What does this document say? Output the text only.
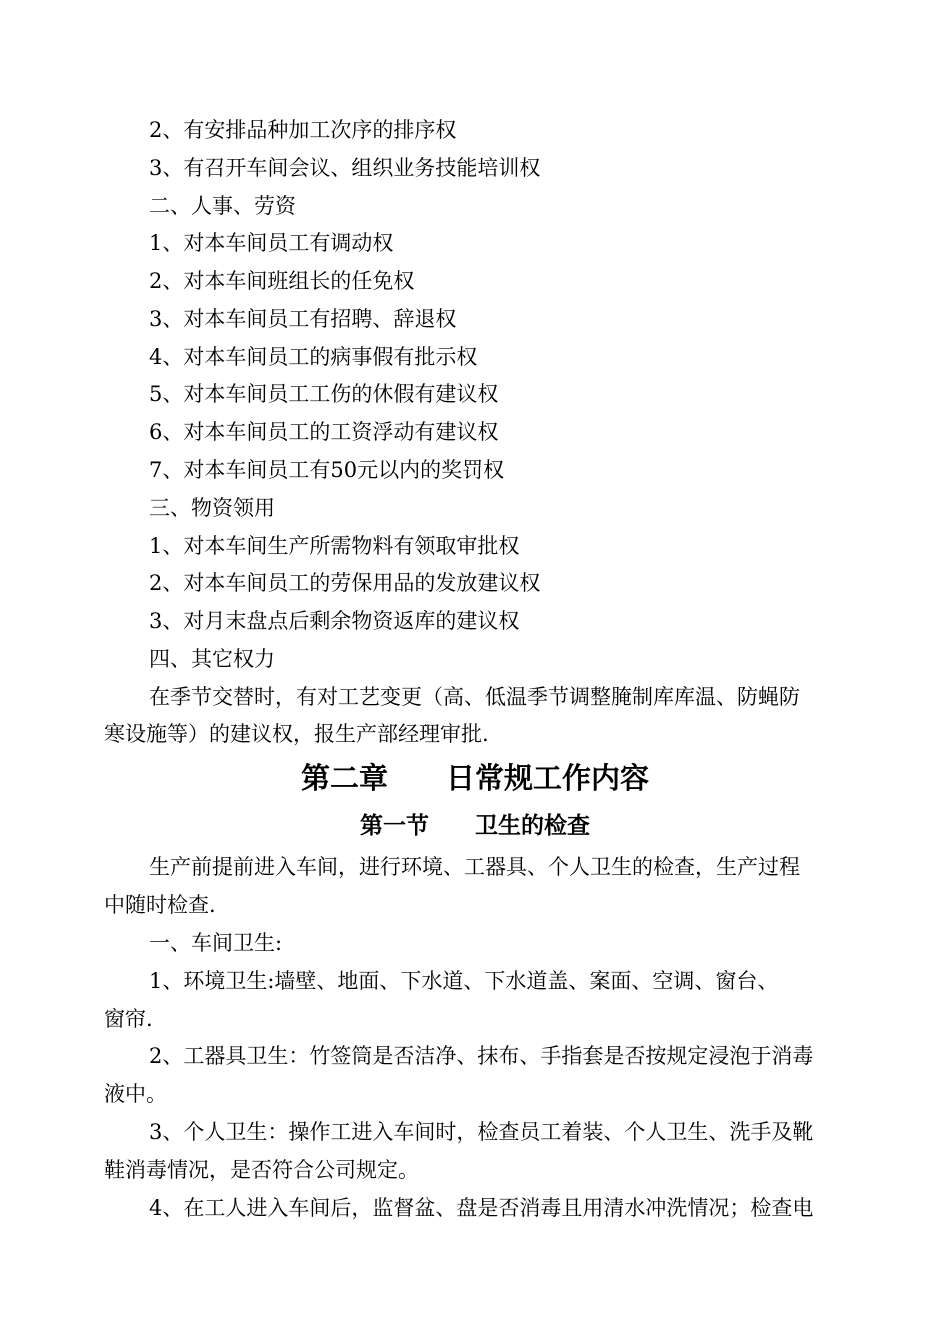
2、有安排品种加工次序的排序权
3、有召开车间会议、组织业务技能培训权
二、人事、劳资
1、对本车间员工有调动权
2、对本车间班组长的任免权
3、对本车间员工有招聘、辞退权
4、对本车间员工的病事假有批示权
5、对本车间员工工伤的休假有建议权
6、对本车间员工的工资浮动有建议权
7、对本车间员工有50元以内的奖罚权
三、物资领用
1、对本车间生产所需物料有领取审批权
2、对本车间员工的劳保用品的发放建议权
3、对月末盘点后剩余物资返库的建议权
四、其它权力
在季节交替时，有对工艺变更（高、低温季节调整腌制库库温、防蝇防
寒设施等）的建议权，报生产部经理审批.
第二章　　日常规工作内容
第一节　　卫生的检查
生产前提前进入车间，进行环境、工器具、个人卫生的检查，生产过程
中随时检查.
一、车间卫生:
1、环境卫生:墙壁、地面、下水道、下水道盖、案面、空调、窗台、
窗帘.
2、工器具卫生：竹签筒是否洁净、抹布、手指套是否按规定浸泡于消毒
液中。
3、个人卫生：操作工进入车间时，检查员工着装、个人卫生、洗手及靴
鞋消毒情况，是否符合公司规定。
4、在工人进入车间后，监督盆、盘是否消毒且用清水冲洗情况；检查电
